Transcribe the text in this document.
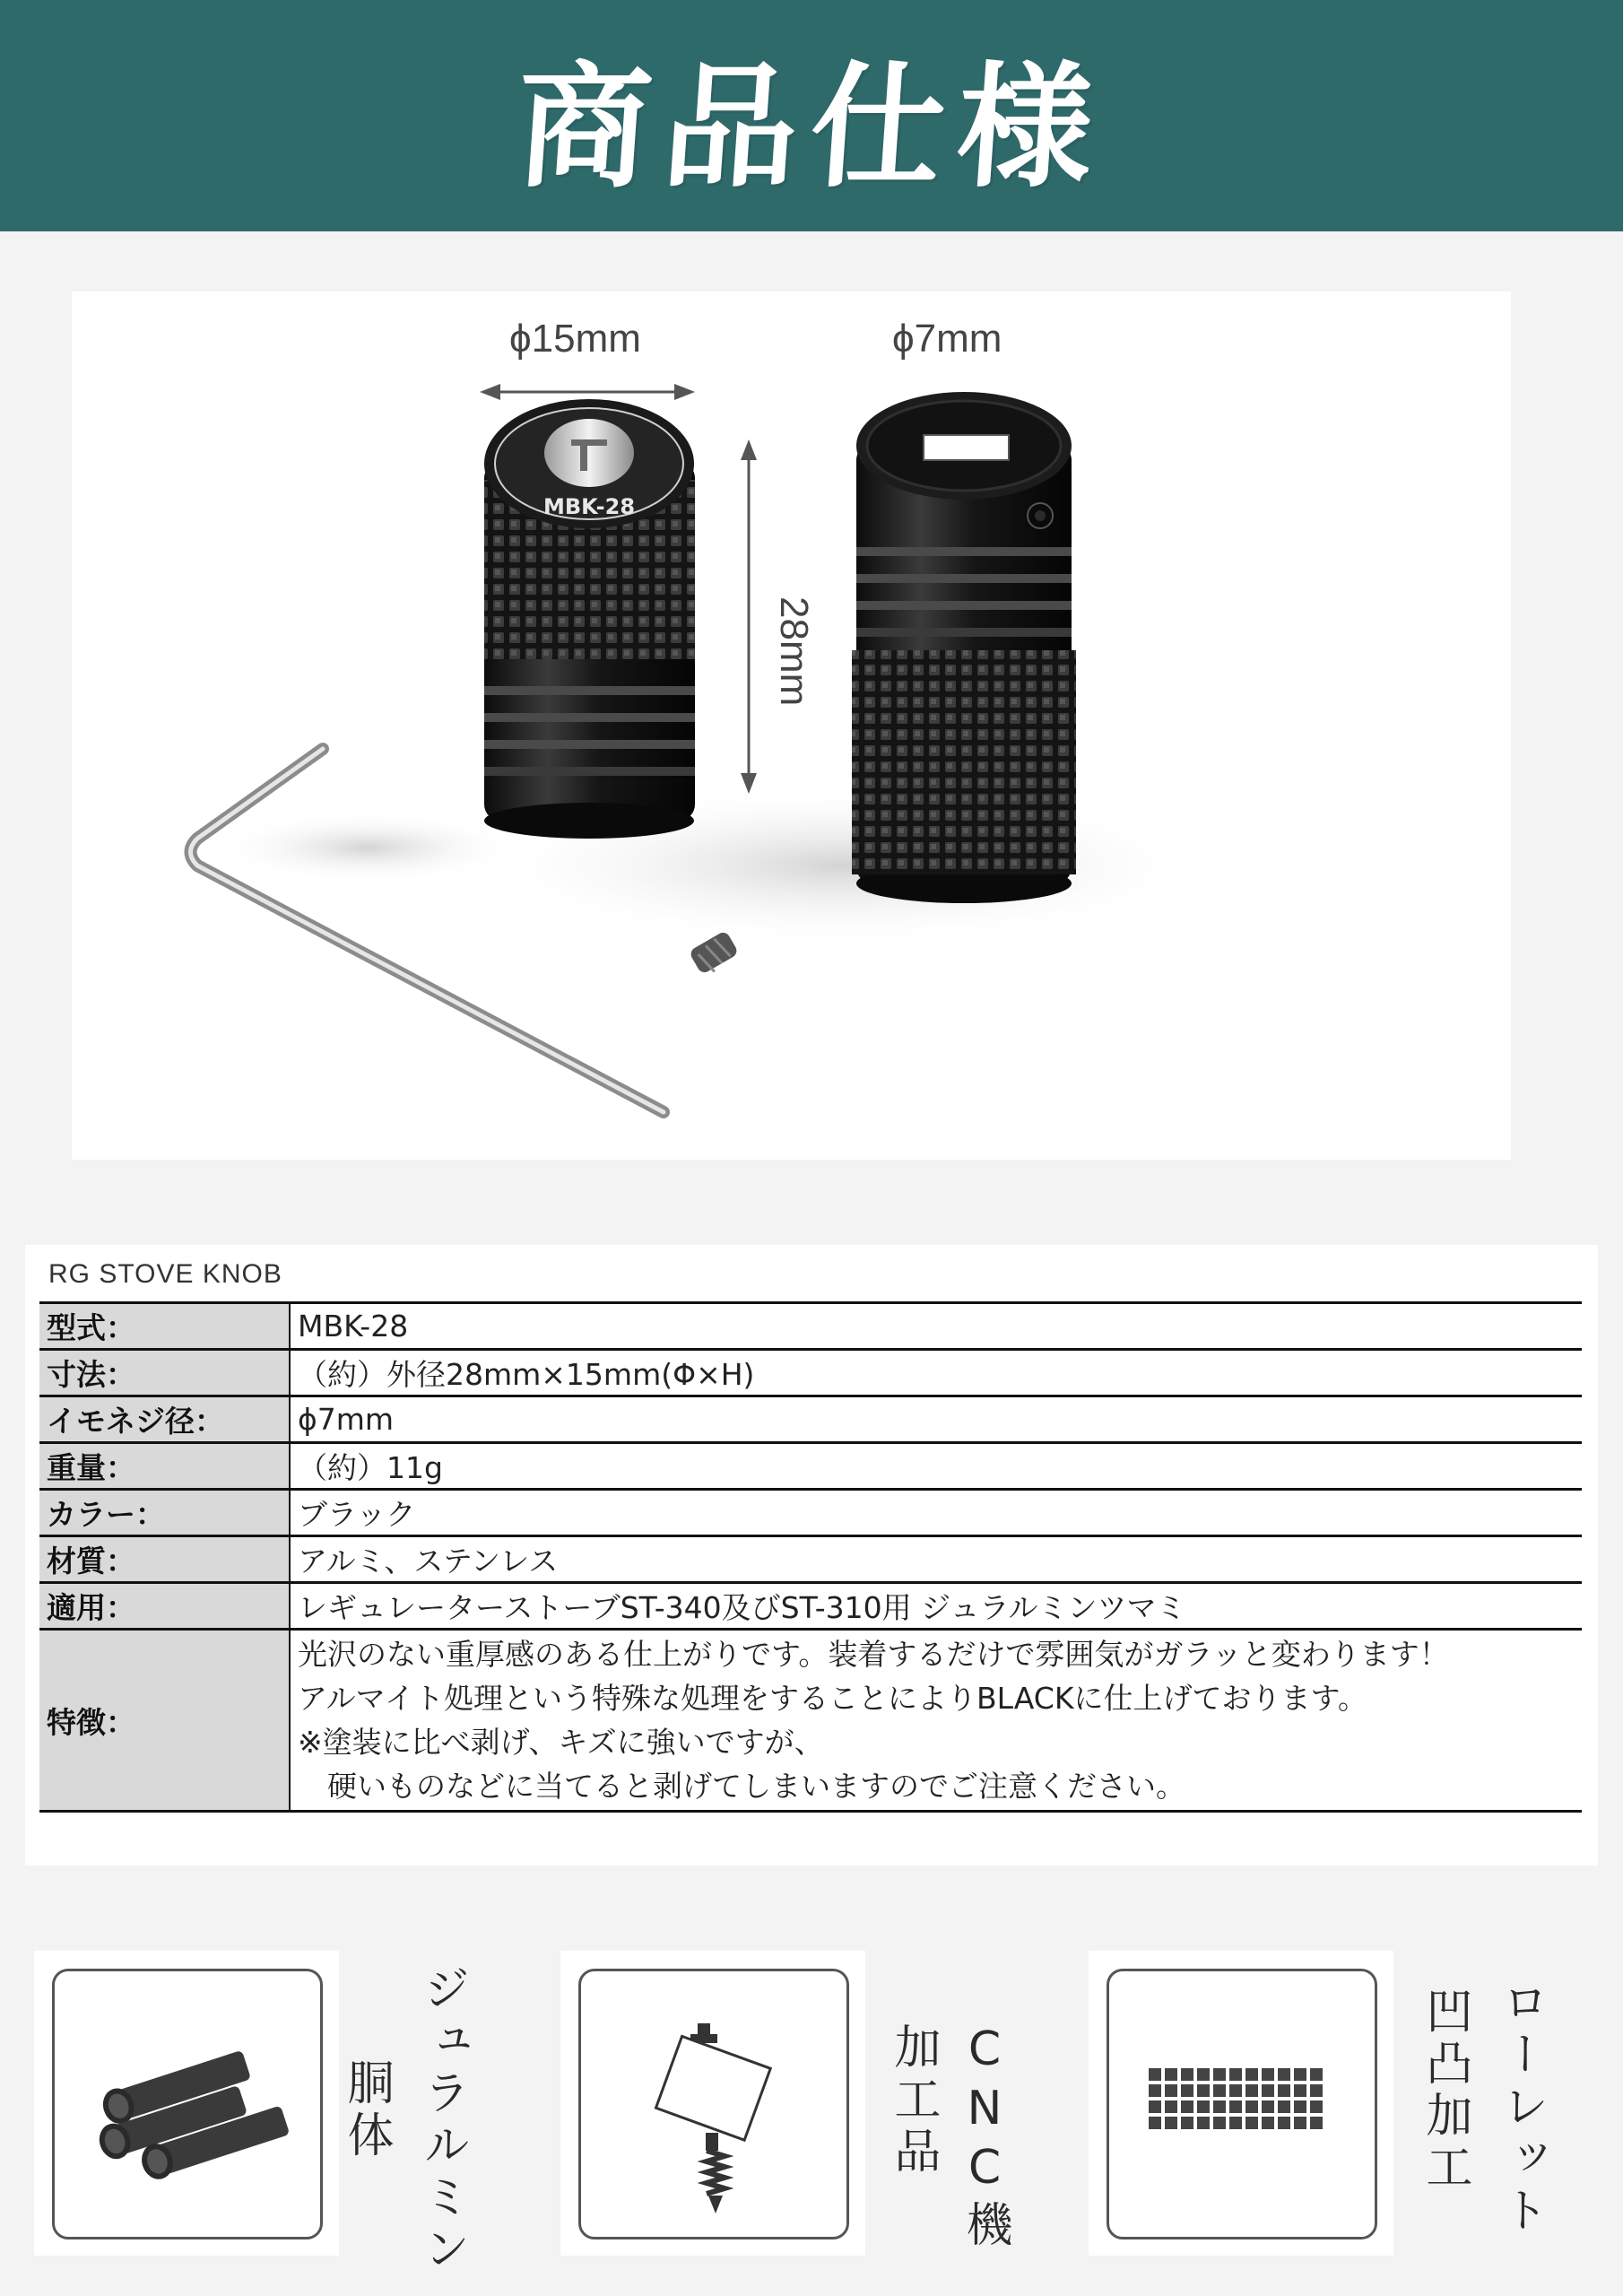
商品仕様
MBK-28
ϕ15mm	ϕ7mm
28mm
RG STOVE KNOB
型式：	MBK-28
寸法：	（約）外径28mm×15mm(Φ×H)
イモネジ径：	ϕ7mm
重量：	（約）11g
カラー：	ブラック
材質：	アルミ、ステンレス
適用：	レギュレーターストーブST-340及びST-310用 ジュラルミンツマミ
特徴：	光沢のない重厚感のある仕上がりです。装着するだけで雰囲気がガラッと変わります！
アルマイト処理という特殊な処理をすることによりBLACKに仕上げております。
※塗装に比べ剥げ、キズに強いですが、
　硬いものなどに当てると剥げてしまいますのでご注意ください。
ジュラルミン
胴体	CNC機
加工品	ローレット
凹凸加工
